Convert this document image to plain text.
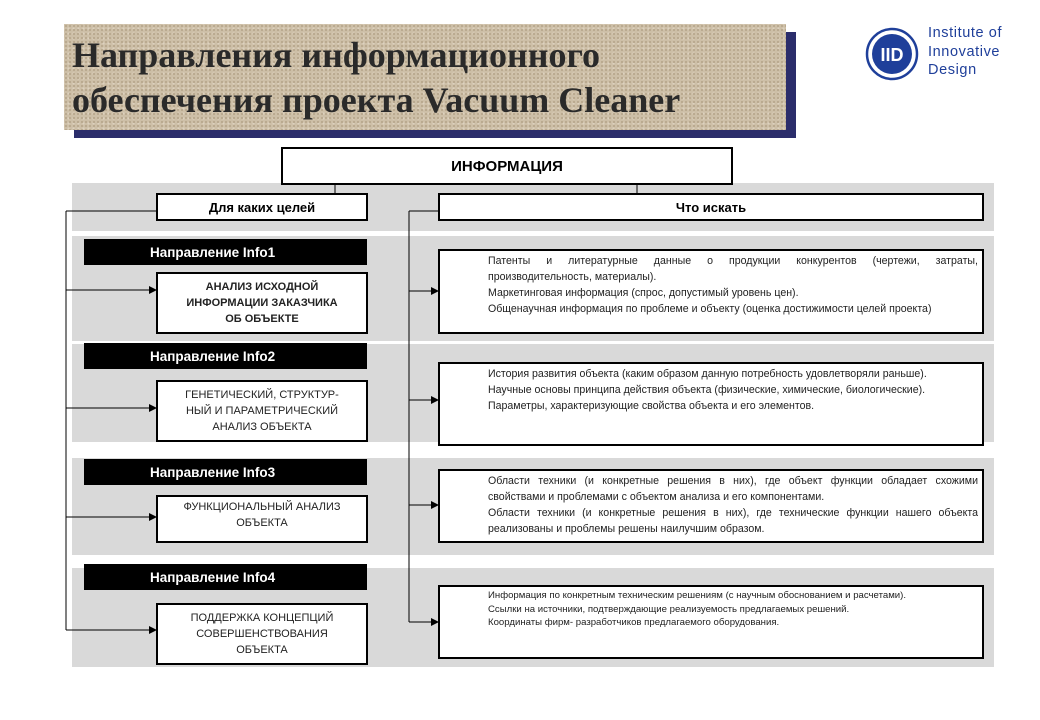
Направления информационного
обеспечения проекта Vacuum Cleaner
IID
Institute of
Innovative
Design
ИНФОРМАЦИЯ
Для каких целей	Что искать
Направление Info1
Направление Info2
Направление Info3
Направление Info4
АНАЛИЗ ИСХОДНОЙ
ИНФОРМАЦИИ ЗАКАЗЧИКА
ОБ ОБЪЕКТЕ
ГЕНЕТИЧЕСКИЙ, СТРУКТУР-
НЫЙ И ПАРАМЕТРИЧЕСКИЙ
АНАЛИЗ ОБЪЕКТА
ФУНКЦИОНАЛЬНЫЙ АНАЛИЗ
ОБЪЕКТА
ПОДДЕРЖКА КОНЦЕПЦИЙ
СОВЕРШЕНСТВОВАНИЯ
ОБЪЕКТА

Патенты и литературные данные о продукции конкурентов (чертежи, затраты, производительность, материалы).

Маркетинговая информация (спрос, допустимый уровень цен).

Общенаучная информация по проблеме и объекту (оценка достижимости целей проекта)

История развития объекта (каким образом данную потребность удовлетворяли раньше).

Научные основы принципа действия объекта (физические, химические, биологические).

Параметры, характеризующие свойства объекта и его элементов.

Области техники (и конкретные решения в них), где объект функции обладает схожими свойствами и проблемами с объектом анализа и его компонентами.

Области техники (и конкретные решения в них), где технические функции нашего объекта реализованы и проблемы решены наилучшим образом.

Информация по конкретным техническим решениям (с научным обоснованием и расчетами).

Ссылки на источники, подтверждающие реализуемость предлагаемых решений.

Координаты фирм- разработчиков предлагаемого оборудования.
